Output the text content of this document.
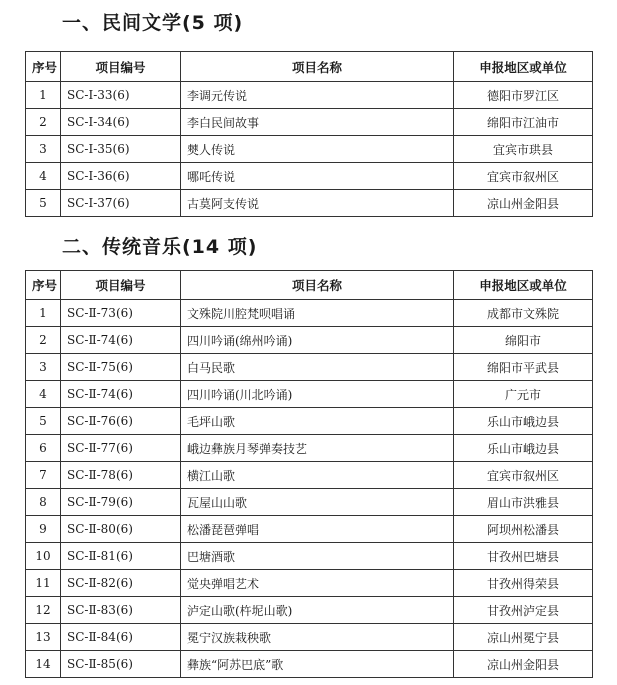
一、民间文学(5 项)
序号	项目编号	项目名称	申报地区或单位
1	SC-Ⅰ-33(6)	李调元传说	德阳市罗江区
2	SC-Ⅰ-34(6)	李白民间故事	绵阳市江油市
3	SC-Ⅰ-35(6)	僰人传说	宜宾市珙县
4	SC-Ⅰ-36(6)	哪吒传说	宜宾市叙州区
5	SC-Ⅰ-37(6)	古莫阿支传说	凉山州金阳县
二、传统音乐(14 项)
序号	项目编号	项目名称	申报地区或单位
1	SC-Ⅱ-73(6)	文殊院川腔梵呗唱诵	成都市文殊院
2	SC-Ⅱ-74(6)	四川吟诵(绵州吟诵)	绵阳市
3	SC-Ⅱ-75(6)	白马民歌	绵阳市平武县
4	SC-Ⅱ-74(6)	四川吟诵(川北吟诵)	广元市
5	SC-Ⅱ-76(6)	毛坪山歌	乐山市峨边县
6	SC-Ⅱ-77(6)	峨边彝族月琴弹奏技艺	乐山市峨边县
7	SC-Ⅱ-78(6)	横江山歌	宜宾市叙州区
8	SC-Ⅱ-79(6)	瓦屋山山歌	眉山市洪雅县
9	SC-Ⅱ-80(6)	松潘琵琶弹唱	阿坝州松潘县
10	SC-Ⅱ-81(6)	巴塘酒歌	甘孜州巴塘县
11	SC-Ⅱ-82(6)	觉央弹唱艺术	甘孜州得荣县
12	SC-Ⅱ-83(6)	泸定山歌(杵坭山歌)	甘孜州泸定县
13	SC-Ⅱ-84(6)	冕宁汉族栽秧歌	凉山州冕宁县
14	SC-Ⅱ-85(6)	彝族“阿苏巴底”歌	凉山州金阳县
